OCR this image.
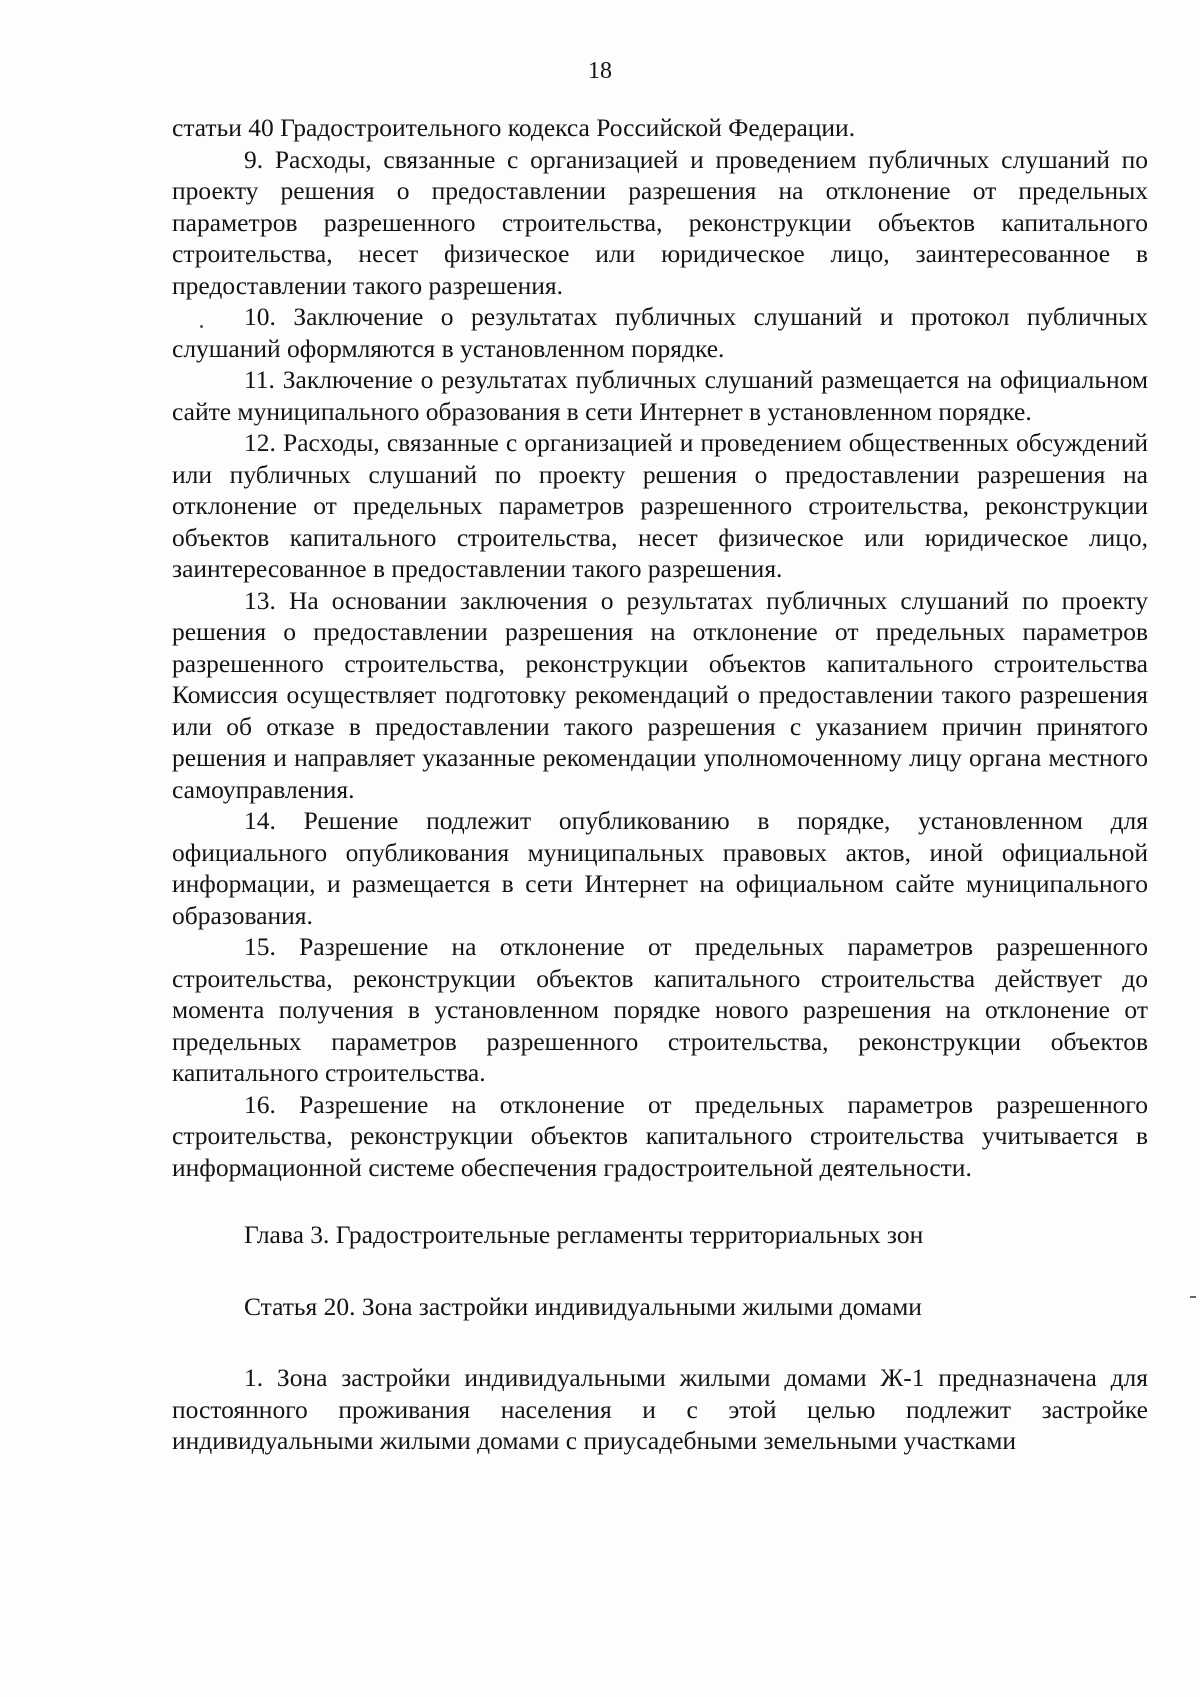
18

статьи 40 Градостроительного кодекса Российской Федерации.

9. Расходы, связанные с организацией и проведением публичных слушаний по проекту решения о предоставлении разрешения на отклонение от предельных параметров разрешенного строительства, реконструкции объектов капитального строительства, несет физическое или юридическое лицо, заинтересованное в предоставлении такого разрешения.

10. Заключение о результатах публичных слушаний и протокол публичных слушаний оформляются в установленном порядке.

11. Заключение о результатах публичных слушаний размещается на официальном сайте муниципального образования в сети Интернет в установленном порядке.

12. Расходы, связанные с организацией и проведением общественных обсуждений или публичных слушаний по проекту решения о предоставлении разрешения на отклонение от предельных параметров разрешенного строительства, реконструкции объектов капитального строительства, несет физическое или юридическое лицо, заинтересованное в предоставлении такого разрешения.

13. На основании заключения о результатах публичных слушаний по проекту решения о предоставлении разрешения на отклонение от предельных параметров разрешенного строительства, реконструкции объектов капитального строительства Комиссия осуществляет подготовку рекомендаций о предоставлении такого разрешения или об отказе в предоставлении такого разрешения с указанием причин принятого решения и направляет указанные рекомендации уполномоченному лицу органа местного самоуправления.

14. Решение подлежит опубликованию в порядке, установленном для официального опубликования муниципальных правовых актов, иной официальной информации, и размещается в сети Интернет на официальном сайте муниципального образования.

15. Разрешение на отклонение от предельных параметров разрешенного строительства, реконструкции объектов капитального строительства действует до момента получения в установленном порядке нового разрешения на отклонение от предельных параметров разрешенного строительства, реконструкции объектов капитального строительства.

16. Разрешение на отклонение от предельных параметров разрешенного строительства, реконструкции объектов капитального строительства учитывается в информационной системе обеспечения градостроительной деятельности.

Глава 3. Градостроительные регламенты территориальных зон

Статья 20. Зона застройки индивидуальными жилыми домами

1. Зона застройки индивидуальными жилыми домами Ж-1 предназначена для постоянного проживания населения и с этой целью подлежит застройке индивидуальными жилыми домами с приусадебными земельными участками
